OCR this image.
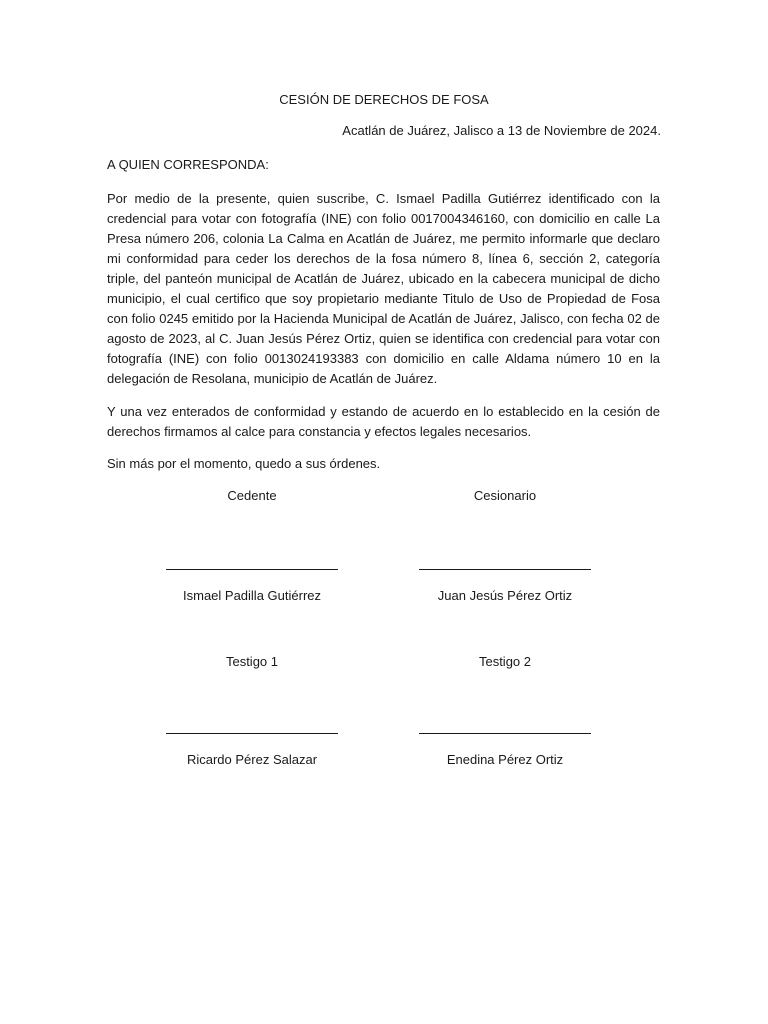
CESIÓN DE DERECHOS DE FOSA
Acatlán de Juárez, Jalisco a 13 de Noviembre de 2024.
A QUIEN CORRESPONDA:

Por medio de la presente, quien suscribe, C. Ismael Padilla Gutiérrez identificado con la credencial para votar con fotografía (INE) con folio 0017004346160, con domicilio en calle La Presa número 206, colonia La Calma en Acatlán de Juárez, me permito informarle que declaro mi conformidad para ceder los derechos de la fosa número 8, línea 6, sección 2, categoría triple, del panteón municipal de Acatlán de Juárez, ubicado en la cabecera municipal de dicho municipio, el cual certifico que soy propietario mediante Titulo de Uso de Propiedad de Fosa con folio 0245 emitido por la Hacienda Municipal de Acatlán de Juárez, Jalisco, con fecha 02 de agosto de 2023, al C. Juan Jesús Pérez Ortiz, quien se identifica con credencial para votar con fotografía (INE) con folio 0013024193383 con domicilio en calle Aldama número 10 en la delegación de Resolana, municipio de Acatlán de Juárez.

Y una vez enterados de conformidad y estando de acuerdo en lo establecido en la cesión de derechos firmamos al calce para constancia y efectos legales necesarios.

Sin más por el momento, quedo a sus órdenes.
Cedente	Cesionario
Ismael Padilla Gutiérrez	Juan Jesús Pérez Ortiz
Testigo 1	Testigo 2
Ricardo Pérez Salazar	Enedina Pérez Ortiz
